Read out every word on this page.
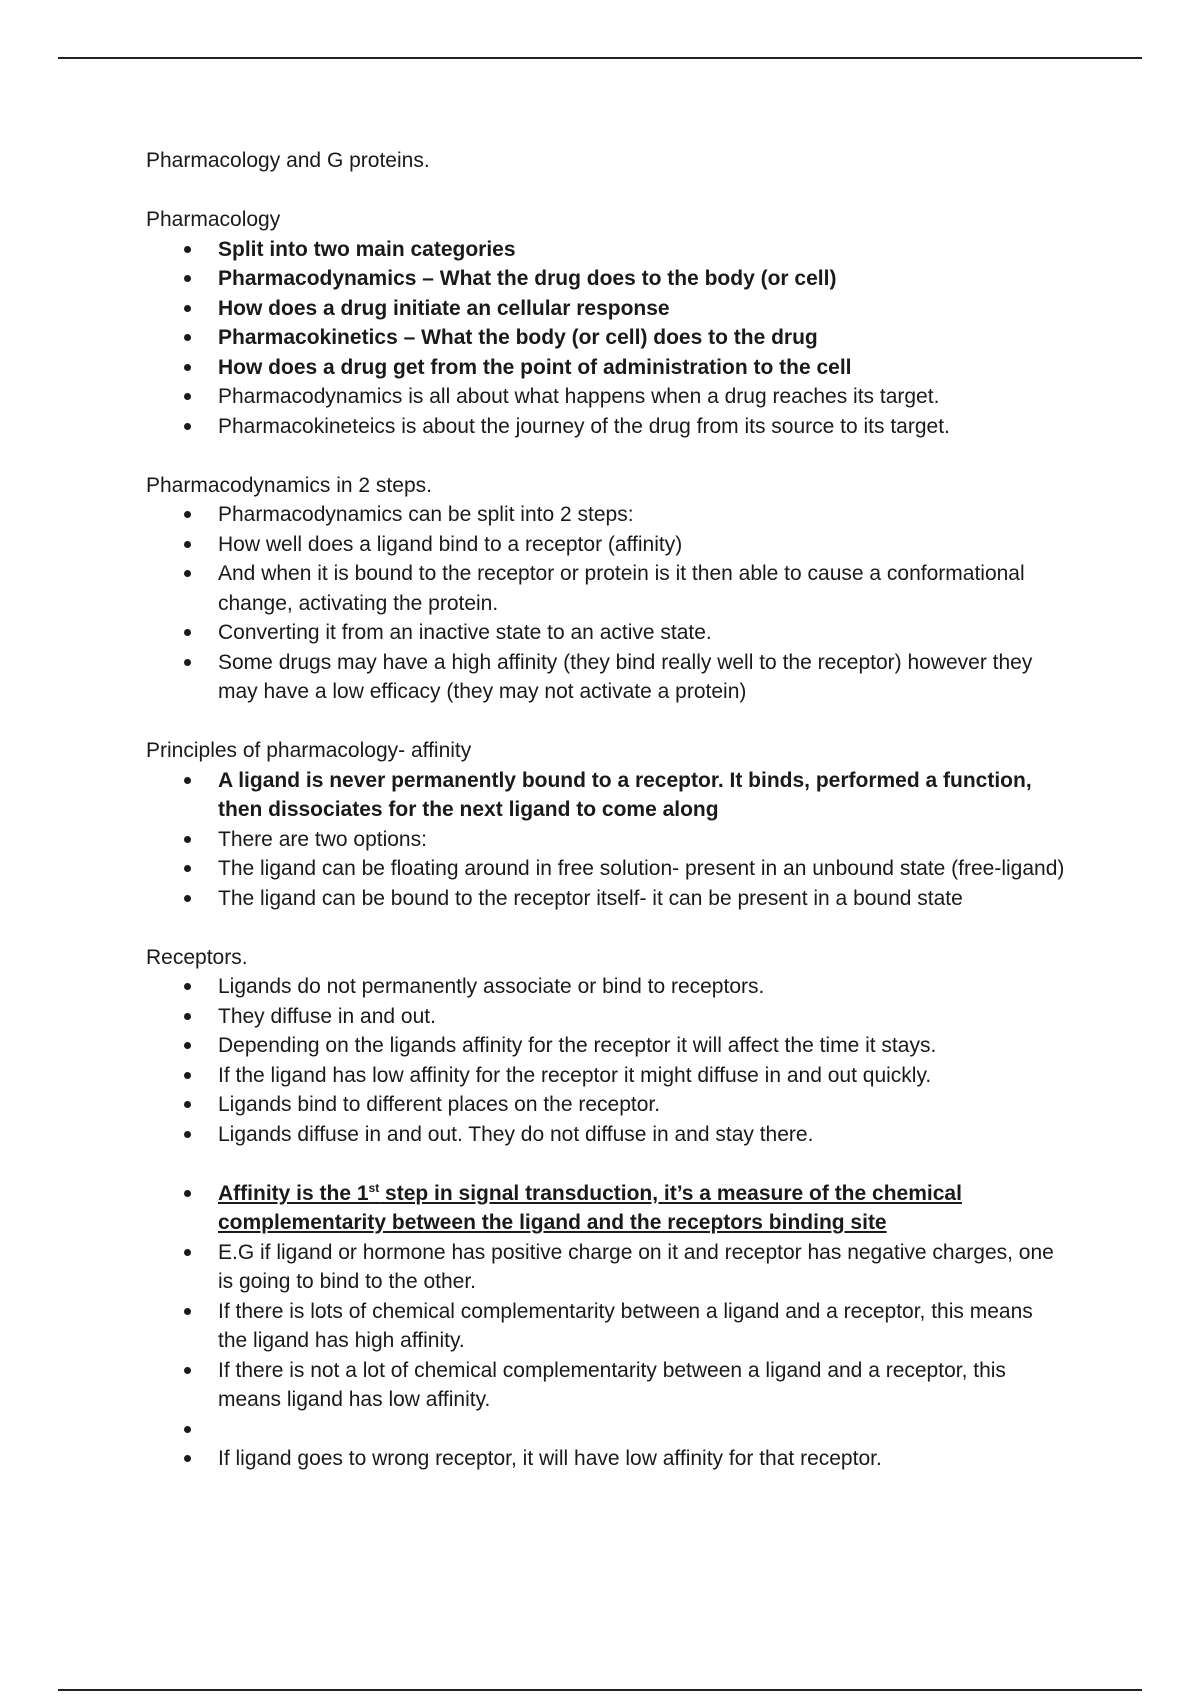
Pharmacology and G proteins.

Pharmacology

Split into two main categories
Pharmacodynamics – What the drug does to the body (or cell)
How does a drug initiate an cellular response
Pharmacokinetics – What the body (or cell) does to the drug
How does a drug get from the point of administration to the cell
Pharmacodynamics is all about what happens when a drug reaches its target.
Pharmacokineteics is about the journey of the drug from its source to its target.

Pharmacodynamics in 2 steps.

Pharmacodynamics can be split into 2 steps:
How well does a ligand bind to a receptor (affinity)
And when it is bound to the receptor or protein is it then able to cause a conformational change, activating the protein.
Converting it from an inactive state to an active state.
Some drugs may have a high affinity (they bind really well to the receptor) however they may have a low efficacy (they may not activate a protein)

Principles of pharmacology- affinity

A ligand is never permanently bound to a receptor. It binds, performed a function, then dissociates for the next ligand to come along
There are two options:
The ligand can be floating around in free solution- present in an unbound state (free-ligand)
The ligand can be bound to the receptor itself- it can be present in a bound state

Receptors.

Ligands do not permanently associate or bind to receptors.
They diffuse in and out.
Depending on the ligands affinity for the receptor it will affect the time it stays.
If the ligand has low affinity for the receptor it might diffuse in and out quickly.
Ligands bind to different places on the receptor.
Ligands diffuse in and out. They do not diffuse in and stay there.
Affinity is the 1st step in signal transduction, it’s a measure of the chemical complementarity between the ligand and the receptors binding site
E.G if ligand or hormone has positive charge on it and receptor has negative charges, one is going to bind to the other.
If there is lots of chemical complementarity between a ligand and a receptor, this means the ligand has high affinity.
If there is not a lot of chemical complementarity between a ligand and a receptor, this means ligand has low affinity.
If ligand goes to wrong receptor, it will have low affinity for that receptor.
